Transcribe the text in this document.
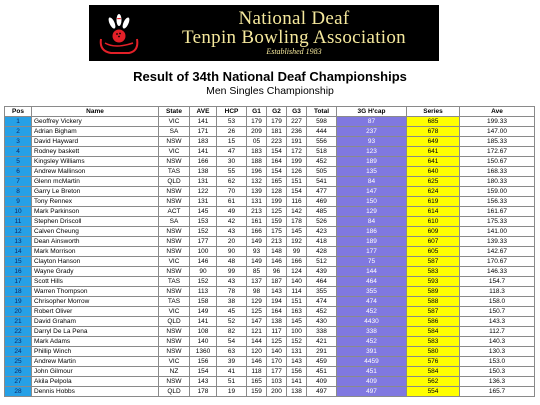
National Deaf
Tenpin Bowling Association
Established 1983
Result of 34th National Deaf Championships
Men Singles Championship
Pos	Name	State	AVE	HCP	G1	G2	G3	Total	3G H'cap	Series	Ave
1	Geoffrey Vickery	VIC	141	53	179	179	227	598	87	685	199.33
2	Adrian Bigham	SA	171	26	209	181	236	444	237	678	147.00
3	David Hayward	NSW	183	15	05	223	191	556	93	649	185.33
4	Rodney baskett	VIC	141	47	183	154	172	518	123	641	172.67
5	Kingsley Williams	NSW	166	30	188	164	199	452	189	641	150.67
6	Andrew Mallinson	TAS	138	55	196	154	126	505	135	640	168.33
7	Glenn mcMartin	QLD	131	62	132	165	151	541	84	625	180.33
8	Garry Le Breton	NSW	122	70	139	128	154	477	147	624	159.00
9	Tony Rennex	NSW	131	61	131	199	116	469	150	619	156.33
10	Mark Parkinson	ACT	145	49	213	125	142	485	129	614	161.67
11	Stephen Driscoll	SA	153	42	161	159	178	526	84	610	175.33
12	Calven Cheung	NSW	152	43	166	175	145	423	186	609	141.00
13	Dean Ainsworth	NSW	177	20	149	213	192	418	189	607	139.33
14	Mark Morrison	NSW	100	90	93	148	99	428	177	605	142.67
15	Clayton Hanson	VIC	146	48	149	146	166	512	75	587	170.67
16	Wayne Grady	NSW	90	99	85	96	124	439	144	583	146.33
17	Scott Hills	TAS	152	43	137	187	140	464	464	593	154.7
18	Warren Thompson	NSW	113	78	98	143	114	355	355	589	118.3
19	Chrisopher Morrow	TAS	158	38	129	194	151	474	474	588	158.0
20	Robert Oliver	VIC	149	45	125	164	163	452	452	587	150.7
21	David Graham	QLD	141	52	147	138	145	430	4430	586	143.3
22	Darryl De La Pena	NSW	108	82	121	117	100	338	338	584	112.7
23	Mark Adams	NSW	140	54	144	125	152	421	452	583	140.3
24	Phillip Winch	NSW	1360	63	120	140	131	291	391	580	130.3
25	Andrew Martin	VIC	156	39	146	170	143	459	4459	576	153.0
26	John Gilmour	NZ	154	41	118	177	156	451	451	584	150.3
27	Akila Pelpola	NSW	143	51	165	103	141	409	409	562	136.3
28	Dennis Hobbs	QLD	178	19	159	200	138	497	497	554	165.7
